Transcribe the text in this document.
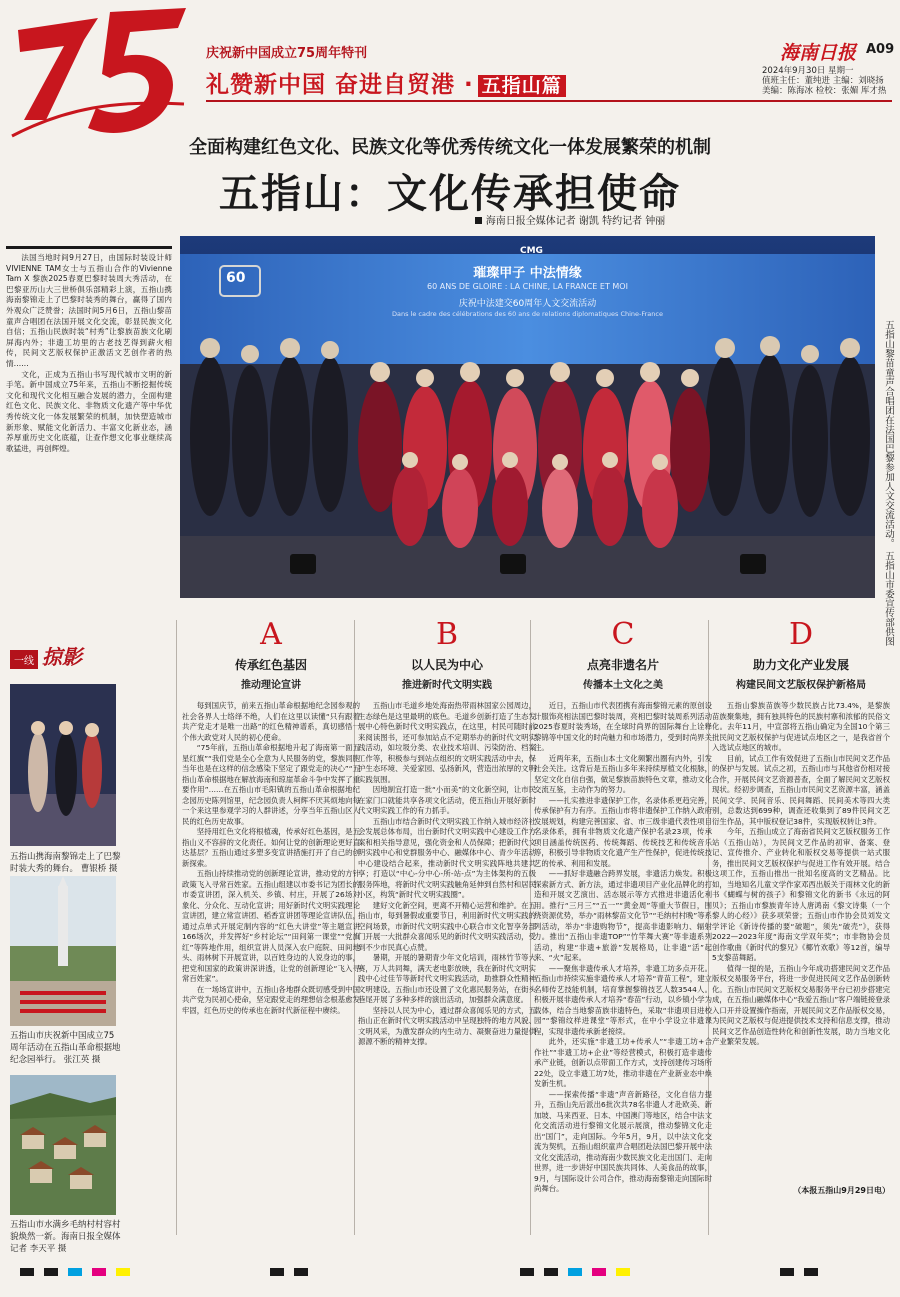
庆祝新中国成立75周年特刊
礼赞新中国 奋进自贸港 · 五指山篇
海南日报 A09
2024年9月30日 星期一
值班主任：董纯进 主编：刘晓扬
美编：陈海冰 检校：张媚 厍才热
全面构建红色文化、民族文化等优秀传统文化一体发展繁荣的机制
五指山：文化传承担使命
海南日报全媒体记者 谢凯 特约记者 钟丽

法国当地时间9月27日，由国际时装设计师VIVIENNE TAM女士与五指山合作的Vivienne Tam X 黎族2025春夏巴黎时装周大秀活动，在巴黎亚历山大三世桥俱乐部精彩上演，五指山携海南黎锦走上了巴黎时装秀的舞台，赢得了国内外观众广泛赞誉；法国时间5月6日，五指山黎苗童声合唱团在法国开展文化交流，彰显民族文化自信；五指山民族时装“村秀”让黎族苗族文化刷屏海内外；非遗工坊里的古老技艺得到薪火相传，民间文艺版权保护正激活文艺创作者的热情……

文化，正成为五指山书写现代城市文明的新手笔。新中国成立75年来，五指山不断挖掘传统文化和现代文化相互融合发展的潜力，全面构建红色文化、民族文化、非物质文化遗产等中华优秀传统文化一体发展繁荣的机制，加快塑造城市新形象、赋能文化新活力、丰富文化新业态，涵养厚重历史文化底蕴，让查作想文化事业继续高歌猛进，再创辉煌。

璀璨甲子 中法情缘
60 ANS DE GLOIRE : LA CHINE, LA FRANCE ET MOI
庆祝中法建交60周年人文交流活动
Dans le cadre des célébrations des 60 ans de relations diplomatiques Chine-France
60
CMG
五指山黎苗童声合唱团在法国巴黎参加人文交流活动。 五指山市委宣传部供图
一线 掠影
五指山携海南黎锦走上了巴黎时装大秀的舞台。 曹银桥 摄
五指山市庆祝新中国成立75周年活动在五指山革命根据地纪念园举行。 张江英 摄
五指山市水满乡毛纳村村容村貌焕然一新。海南日报全媒体记者 李天平 摄
A
传承红色基因
推动理论宣讲

每到国庆节，前来五指山革命根据地纪念园参观的社会各界人士络绎不绝，人们在这里以读懂“只有跟着共产党走才是唯一出路”的红色精神谱系，真切感悟一个伟大政党对人民的初心使命。

“75年前，五指山革命根据地升起了海南第一面五星红旗”“我们党是全心全意为人民服务的党，黎族同胞当年也是在这样的信念感染下坚定了跟党走的决心”“五指山革命根据地在解放海南和琼崖革命斗争中发挥了重要作用”……在五指山市毛阳镇的五指山革命根据地纪念园历史陈列馆里，纪念园负责人柯辉不厌其烦地向每一个来这里参观学习的人群讲述，分享当年五指山区人民的红色历史故事。

坚持用红色文化将根植魂，传承好红色基因，是五指山义不容辞的文化责任。如何让党的创新理论更好直达基层？五指山通过多塑多变宣讲措施打开了自己的创新探索。

五指山持续推动党的创新理论宣讲，推动党的方针政策飞入寻常百姓家。五指山组建以市委书记为团长的市委宣讲团，深入机关、乡镇、村庄，开展了26场对象化、分众化、互动化宣讲；用好新时代文明实践理论宣讲团，建立常宣讲团、稻香宣讲团等理论宣讲队伍，通过点单式开展定制内容的“红色大讲堂”等主题宣讲166场次，并发挥好“乡村论坛”“田间第一课堂”“党旗红”等阵地作用，组织宣讲人员深入农户庭院、田间地头、雨林树下开展宣讲，以百姓身边的人说身边的事，把党和国家的政策讲深讲透，让党的创新理论“飞入寻常百姓家”。

在一场场宣讲中，五指山各地群众既切感受到中国共产党为民初心使命，坚定跟党走的理想信念根基愈发牢固，红色历史的传承也在新时代新征程中赓续。

B
以人民为中心
推进新时代文明实践

五指山市毛道乡地处海南热带雨林国家公园周边，生态绿色是这里最明的底色。毛道乡创新打造了生态发展中心特色新时代文明实践点，在这里，村民可随时前来阅读图书，还可参加站点不定期举办的新时代文明实践活动，如垃圾分类、农业技术培训、污染防治、档案工作等，积极参与到站点组织的文明实践活动中去，保护生态环境、关爱家园、弘扬新风，营造出浓厚的文明实践氛围。

因地制宜打造一批“小而美”的文化新空间，让市民在家门口就能共享各项文化活动，使五指山开展好新时代文明实践工作的有力抓手。

五指山市结合新时代文明实践工作纳入城市经济社会发展总体布局，出台新时代文明实践中心建设工作方案和相关指导意见，强化资金和人员保障；把新时代文明实践中心和党群服务中心、融媒体中心、青少年活动中心建设结合起来，推动新时代文明实践阵地共建共享；打造以“中心-分中心-所-站-点”为主体架构的五级服务阵地，将新时代文明实践触角延伸到自然村和居民小区，构筑“新时代文明实践圈”。

建好文化新空间，更离不开精心运营和维护。在五指山市，每到暑假或重要节日，利用新时代文明实践的空间场景，市新时代文明实践中心联合市文化智享务部门开展一大批群众喜闻乐见的新时代文明实践活动，受到不少市民真心点赞。

暑期，开展的暑期青少年文化培训，雨林竹节等大赛，万人共同舞，满天老电影放映，我在新时代文明实践中心过佳节等新时代文明实践活动，助推群众性精神文明建设。五指山市还设置了文化惠民服务站，在街头巷尾开展了多种多样的演出活动，加强群众满意度。

坚持以人民为中心，通过群众喜闻乐见的方式，五指山正在新时代文明实践活动中呈现独特的地方风貌、文明风采，为激发群众的内生动力、凝聚奋进力量提供源源不断的精神支撑。

C
点亮非遗名片
传播本土文化之美

近日，五指山市代表团携有海南黎锦元素的原创设计服饰亮相法国巴黎时装周，亮相巴黎时装周系列活动2025春夏时装秀场，在全球时尚界的国际舞台上诠释黎锦等中国文化的时尚魅力和市场潜力，受到时尚界关注。

近两年来，五指山本土文化频繁出圈有内外，引发社会关注。这背后是五指山多年来持续厚植文化根脉，坚定文化自信自强，做足黎族苗族特色文章，推动文化交流互鉴，主动作为的努力。

——扎实推进非遗保护工作，名录体系更趋完善，传承保护有力有序。五指山市将非遗保护工作纳入政府发展规划，构建完善国家、省、市三级非遗代表性项目名录体系，拥有非物质文化遗产保护名录23项，传承项目涵盖传统医药、传统舞蹈、传统技艺和传统音乐等，积极引导非物质文化遗产生产性保护，促进传统技艺的传承、利用和发展。

——抓好非遗融合跨界发展，非遗活力焕发。积极探索新方式、新方法，通过非遗项目产业化品牌化的打造和开展文艺演出、活态展示等方式推进非遗活化利用。推行“三月三”“五一”“黄金周”等重大节假日，围绕资源优势，举办“雨林黎苗文化节”“毛纳村村晚”等系列活动，举办“非遗购物节”，提高非遗影响力、辐射力。推出“五指山非遗TOP”“竹竿舞大赛”等非遗系列活动，构建“非遗+旅游”发展格局，让非遗“活”起来、“火”起来。

——聚焦非遗传承人才培养，非遗工坊多点开花。五指山市持续实施非遗传承人才培养“青苗工程”，建立名师传艺技能机制，培育掌握黎锦技艺人数3544人。积极开展非遗传承人才培养“春苗”行动，以乡镇小学为载体，结合当地黎苗族非遗特色，采取“非遗项目进校园”“黎锦纹样进课堂”等形式，在中小学设立非遗课程，实现非遗传承新老接续。

此外，还实施“非遗工坊+传承人”“非遗工坊+合作社”“非遗工坊+企业”等经营模式，积极打造非遗传承产业链，创新以点带面工作方式，支持创建传习场所22处，设立非遗工坊7处，推动非遗在产业新业态中焕发新生机。

——探索传播“非遗”声音新路径，文化自信力提升，五指山先后派出6批次共78名非遗人才赴欧美、新加坡、马来西亚、日本、中国澳门等地区，结合中法文化交流活动进行黎锦文化展示展演，推动黎锦文化走出“国门”，走向国际。今年5月，9月，以中法文化交流为契机，五指山组织童声合唱团赴法国巴黎开展中法文化交流活动，推动海南少数民族文化走出国门、走向世界，进一步讲好中国民族共同体、人美食品的故事，9月，与国际设计公司合作，推动海南黎锦走向国际时尚舞台。

D
助力文化产业发展
构建民间文艺版权保护新格局

五指山黎族苗族等少数民族占比73.4%，是黎族苗族聚集地，拥有独具特色的民族村寨和浓郁的民俗文化。去年11月，中宣部将五指山确定为全国10个第三批民间文艺版权保护与促进试点地区之一，是我省首个入选试点地区的城市。

目前，试点工作有效促进了五指山市民间文艺作品的保护与发展。试点之初，五指山市与其他省份相对接合作，开展民间文艺资源普查，全面了解民间文艺版权现状。经初步调查，五指山市民间文艺资源丰富，涵盖民间文学、民间音乐、民间舞蹈、民间美术等四大类别，总数达到699种，调查还收集到了89件民间文艺衍生作品，其中版权登记38件，实现版权转让3件。

今年，五指山成立了海南省民间文艺版权服务工作站（五指山站），为民间文艺作品的初审、备案、登记、宣传推介、产业转化和版权交易等提供一站式服务，推出民间文艺版权保护与促进工作有效开展。结合这项工作，五指山推出一批知名度高的文艺精品。比如，当地知名儿童文学作家邓西出版关于雨林文化的新书《蝴蝶与树的孩子》和黎锦文化的新书《永远的阿贝》；五指山市黎族青年诗人唐鸿南《黎文诗集（一个黎人的心经）》获多项荣誉；五指山市作协会员刘发文学评论《新诗传播的要“破题”，须先“破壳”》，获得2022—2023年度“海南文学双年奖”；市非物协会员创作歌曲《新时代的黎兄》《椰竹欢歌》等12首，编导5支黎苗舞蹈。

值得一提的是，五指山今年成功搭建民间文艺作品版权交易服务平台，将进一步促进民间文艺作品创新转化。五指山市民间文艺版权交易服务平台已初步搭建完成，在五指山融媒体中心“我爱五指山”客户端链接登录入口开并设置操作指南，开展民间文艺作品版权交易，为民间文艺版权与促进提供技术支持和信息支撑，推动民间文艺作品创造性转化和创新性发展，助力当地文化产业繁荣发展。

（本报五指山9月29日电）
